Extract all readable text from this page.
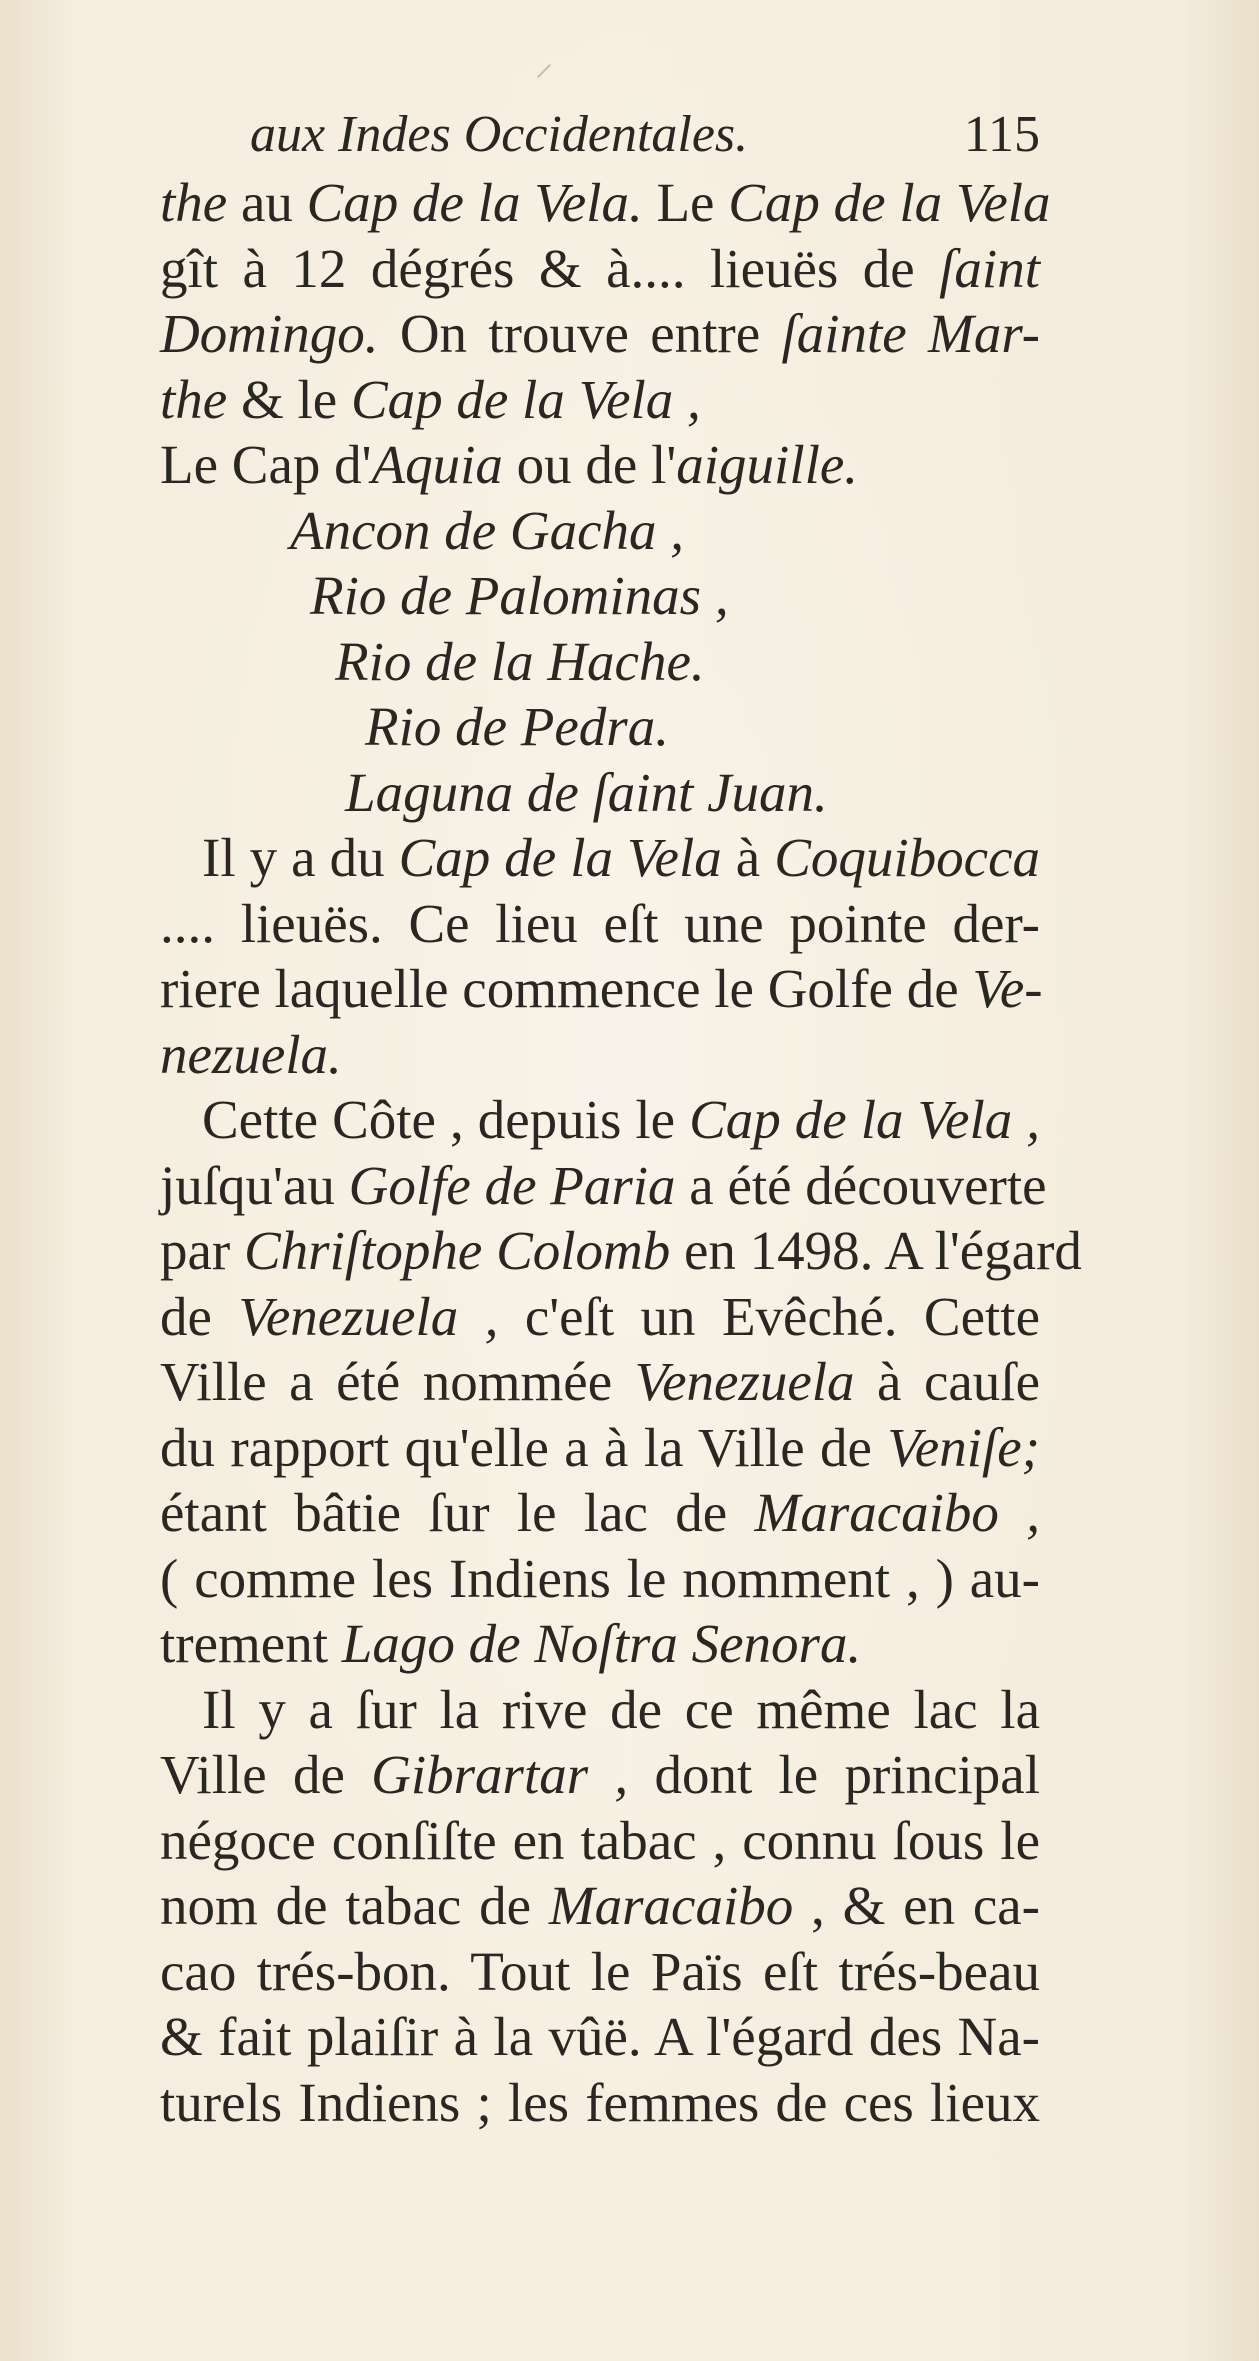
aux Indes Occidentales.	115
the au Cap de la Vela. Le Cap de la Vela
gît à 12 dégrés & à.... lieuës de ſaint
Domingo. On trouve entre ſainte Mar-
the & le Cap de la Vela ,
Le Cap d'Aquia ou de l'aiguille.
Ancon de Gacha ,
Rio de Palominas ,
Rio de la Hache.
Rio de Pedra.
Laguna de ſaint Juan.
Il y a du Cap de la Vela à Coquibocca
.... lieuës. Ce lieu eſt une pointe der-
riere laquelle commence le Golfe de Ve-
nezuela.
Cette Côte , depuis le Cap de la Vela ,
juſqu'au Golfe de Paria a été découverte
par Chriſtophe Colomb en 1498. A l'égard
de Venezuela , c'eſt un Evêché. Cette
Ville a été nommée Venezuela à cauſe
du rapport qu'elle a à la Ville de Veniſe;
étant bâtie ſur le lac de Maracaibo ,
( comme les Indiens le nomment , ) au-
trement Lago de Noſtra Senora.
Il y a ſur la rive de ce même lac la
Ville de Gibrartar , dont le principal
négoce conſiſte en tabac , connu ſous le
nom de tabac de Maracaibo , & en ca-
cao trés-bon. Tout le Païs eſt trés-beau
& fait plaiſir à la vûë. A l'égard des Na-
turels Indiens ; les femmes de ces lieux
